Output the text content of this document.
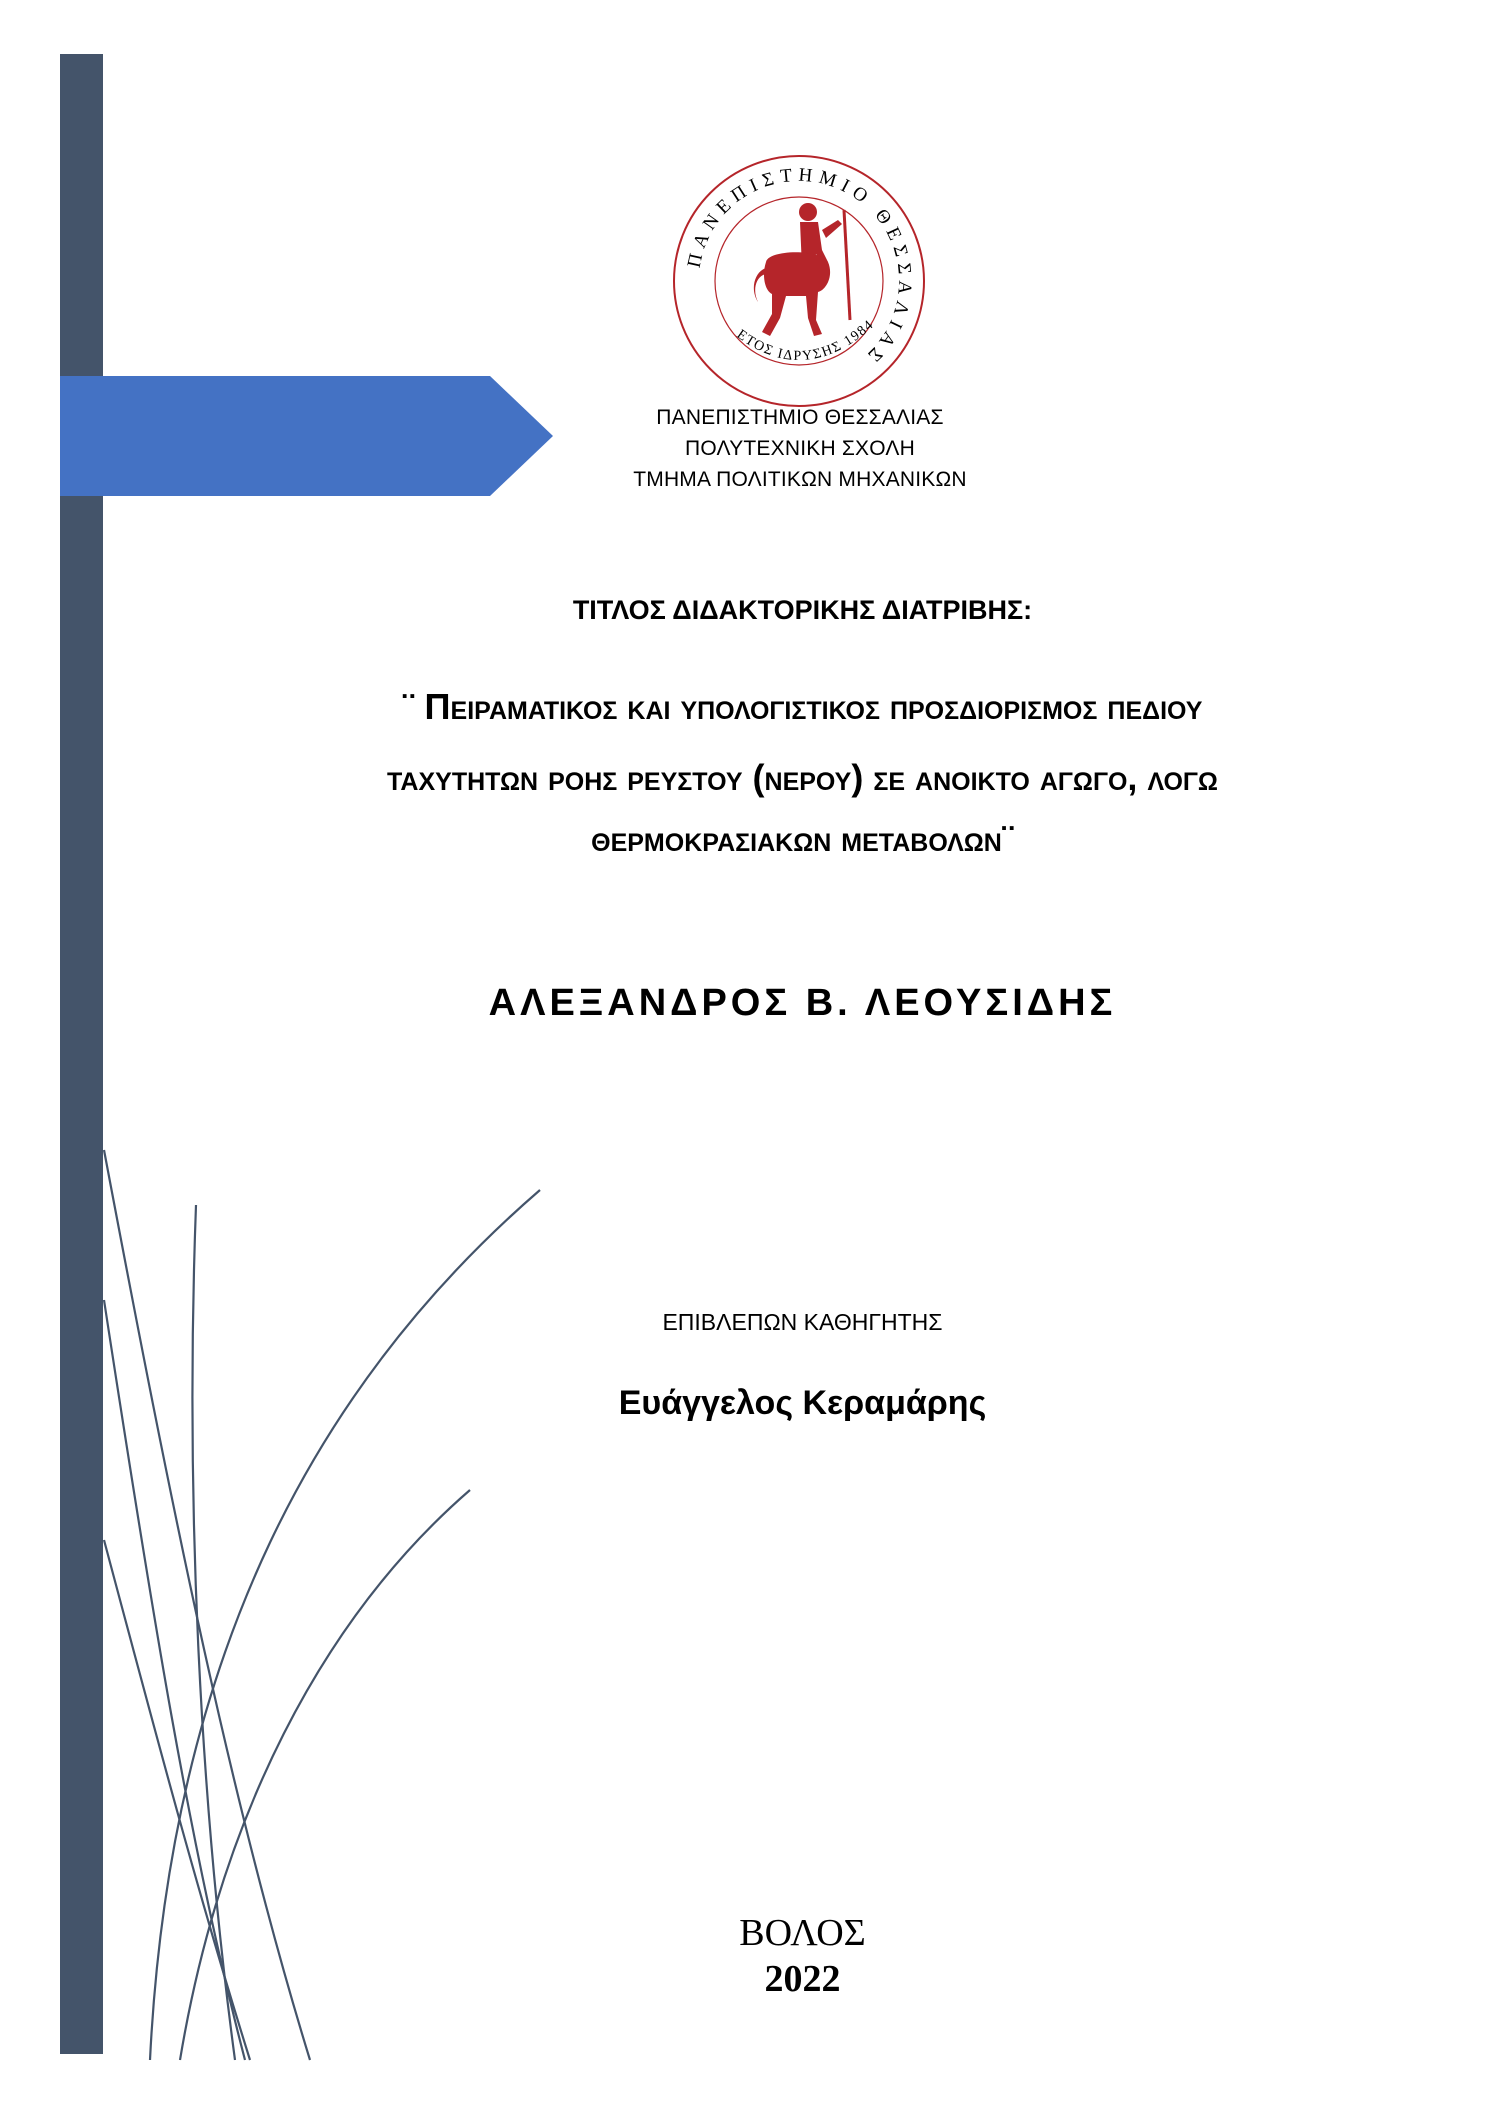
ΠΑΝΕΠΙΣΤΗΜΙΟ ΘΕΣΣΑΛΙΑΣ
ΕΤΟΣ ΙΔΡΥΣΗΣ 1984
ΠΑΝΕΠΙΣΤΗΜΙΟ ΘΕΣΣΑΛΙΑΣ
ΠΟΛΥΤΕΧΝΙΚΗ ΣΧΟΛΗ
ΤΜΗΜΑ ΠΟΛΙΤΙΚΩΝ ΜΗΧΑΝΙΚΩΝ
ΤΙΤΛΟΣ ΔΙΔΑΚΤΟΡΙΚΗΣ ΔΙΑΤΡΙΒΗΣ:
¨ Πειραματικος και υπολογιστικος προσδιορισμος πεδιου
ταχυτητων ροης ρευστου (νερου) σε ανοικτο αγωγο, λογω
θερμοκρασιακων μεταβολων¨
ΑΛΕΞΑΝΔΡΟΣ Β. ΛΕΟΥΣΙΔΗΣ
ΕΠΙΒΛΕΠΩΝ ΚΑΘΗΓΗΤΗΣ
Ευάγγελος Κεραμάρης
ΒΟΛΟΣ
2022
